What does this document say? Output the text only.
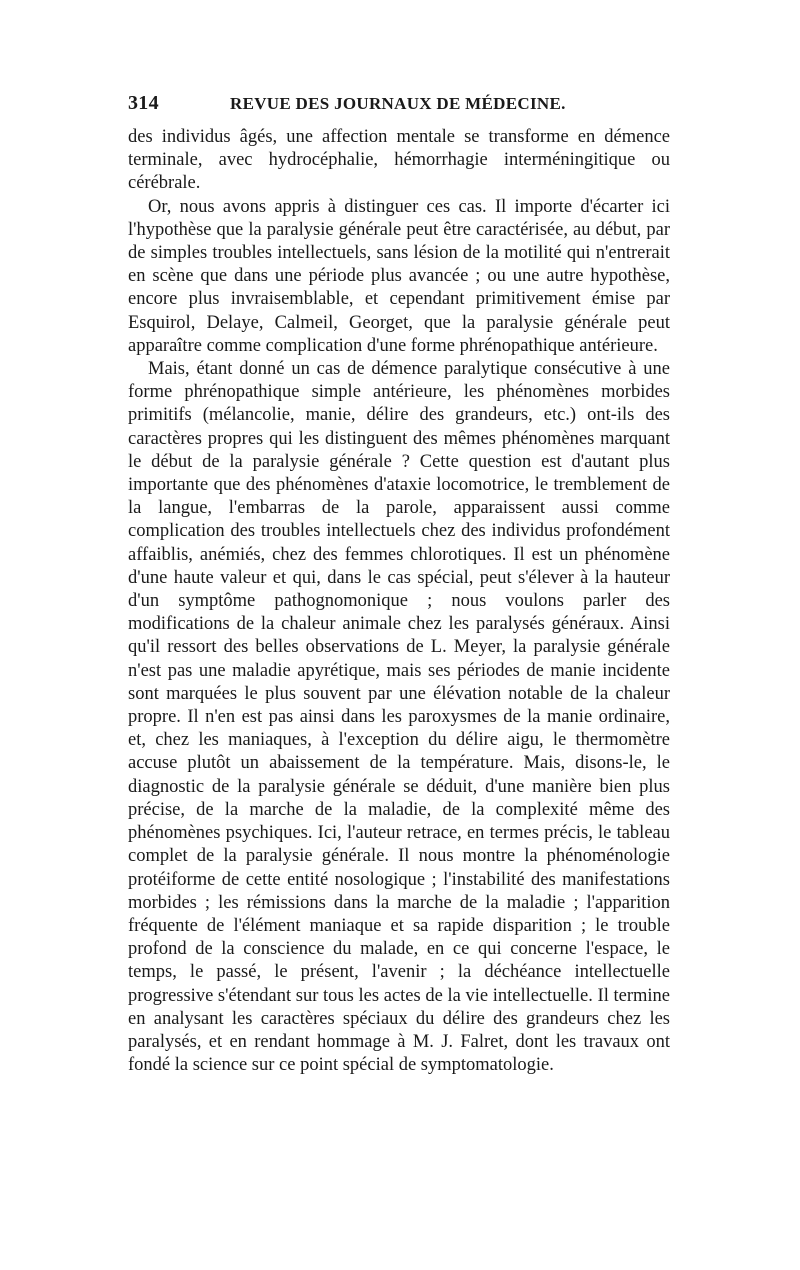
314	REVUE DES JOURNAUX DE MÉDECINE.

des individus âgés, une affection mentale se transforme en démence terminale, avec hydrocéphalie, hémorrhagie interméningitique ou cérébrale.

Or, nous avons appris à distinguer ces cas. Il importe d'écarter ici l'hypothèse que la paralysie générale peut être caractérisée, au début, par de simples troubles intellectuels, sans lésion de la motilité qui n'entrerait en scène que dans une période plus avancée ; ou une autre hypothèse, encore plus invraisemblable, et cependant primitivement émise par Esquirol, Delaye, Calmeil, Georget, que la paralysie générale peut apparaître comme complication d'une forme phrénopathique antérieure.

Mais, étant donné un cas de démence paralytique consécutive à une forme phrénopathique simple antérieure, les phénomènes morbides primitifs (mélancolie, manie, délire des grandeurs, etc.) ont-ils des caractères propres qui les distinguent des mêmes phénomènes marquant le début de la paralysie générale ? Cette question est d'autant plus importante que des phénomènes d'ataxie locomotrice, le tremblement de la langue, l'embarras de la parole, apparaissent aussi comme complication des troubles intellectuels chez des individus profondément affaiblis, anémiés, chez des femmes chlorotiques. Il est un phénomène d'une haute valeur et qui, dans le cas spécial, peut s'élever à la hauteur d'un symptôme pathognomonique ; nous voulons parler des modifications de la chaleur animale chez les paralysés généraux. Ainsi qu'il ressort des belles observations de L. Meyer, la paralysie générale n'est pas une maladie apyrétique, mais ses périodes de manie incidente sont marquées le plus souvent par une élévation notable de la chaleur propre. Il n'en est pas ainsi dans les paroxysmes de la manie ordinaire, et, chez les maniaques, à l'exception du délire aigu, le thermomètre accuse plutôt un abaissement de la température. Mais, disons-le, le diagnostic de la paralysie générale se déduit, d'une manière bien plus précise, de la marche de la maladie, de la complexité même des phénomènes psychiques. Ici, l'auteur retrace, en termes précis, le tableau complet de la paralysie générale. Il nous montre la phénoménologie protéiforme de cette entité nosologique ; l'instabilité des manifestations morbides ; les rémissions dans la marche de la maladie ; l'apparition fréquente de l'élément maniaque et sa rapide disparition ; le trouble profond de la conscience du malade, en ce qui concerne l'espace, le temps, le passé, le présent, l'avenir ; la déchéance intellectuelle progressive s'étendant sur tous les actes de la vie intellectuelle. Il termine en analysant les caractères spéciaux du délire des grandeurs chez les paralysés, et en rendant hommage à M. J. Falret, dont les travaux ont fondé la science sur ce point spécial de symptomatologie.
